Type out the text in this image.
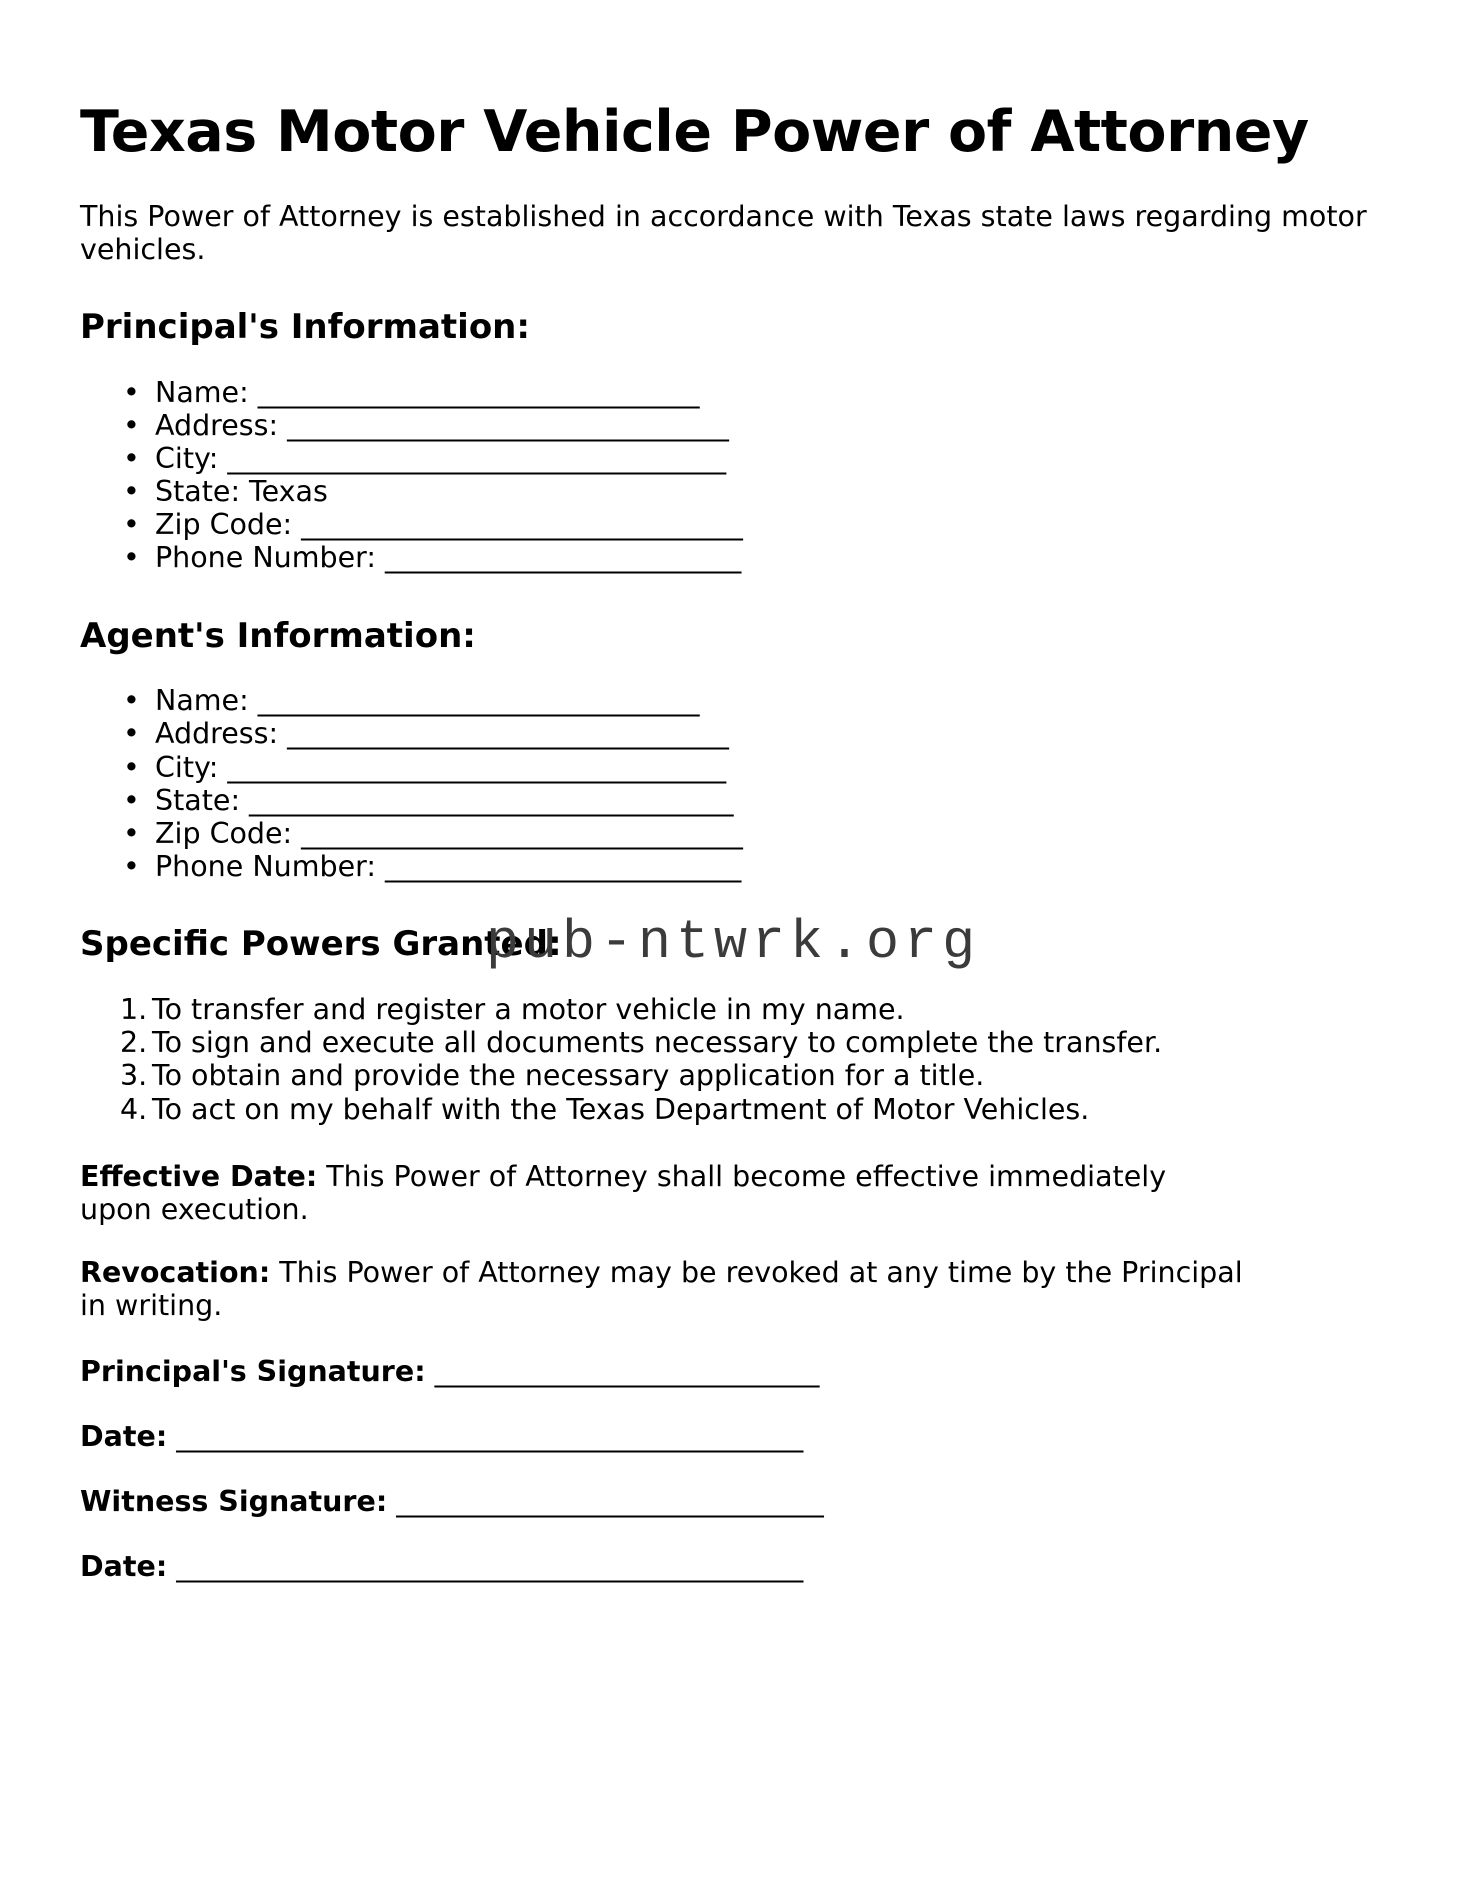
Texas Motor Vehicle Power of Attorney

This Power of Attorney is established in accordance with Texas state laws regarding motor vehicles.

Principal's Information:
• Name: _______________________________
• Address: _______________________________
• City: ___________________________________
• State: Texas
• Zip Code: _______________________________
• Phone Number: _________________________
Agent's Information:
• Name: _______________________________
• Address: _______________________________
• City: ___________________________________
• State: __________________________________
• Zip Code: _______________________________
• Phone Number: _________________________
Specific Powers Granted:
To transfer and register a motor vehicle in my name.
To sign and execute all documents necessary to complete the transfer.
To obtain and provide the necessary application for a title.
To act on my behalf with the Texas Department of Motor Vehicles.

Effective Date: This Power of Attorney shall become effective immediately upon execution.

Revocation: This Power of Attorney may be revoked at any time by the Principal in writing.

Principal's Signature: ___________________________

Date: ____________________________________________

Witness Signature: ______________________________

Date: ____________________________________________

pub-ntwrk.org
